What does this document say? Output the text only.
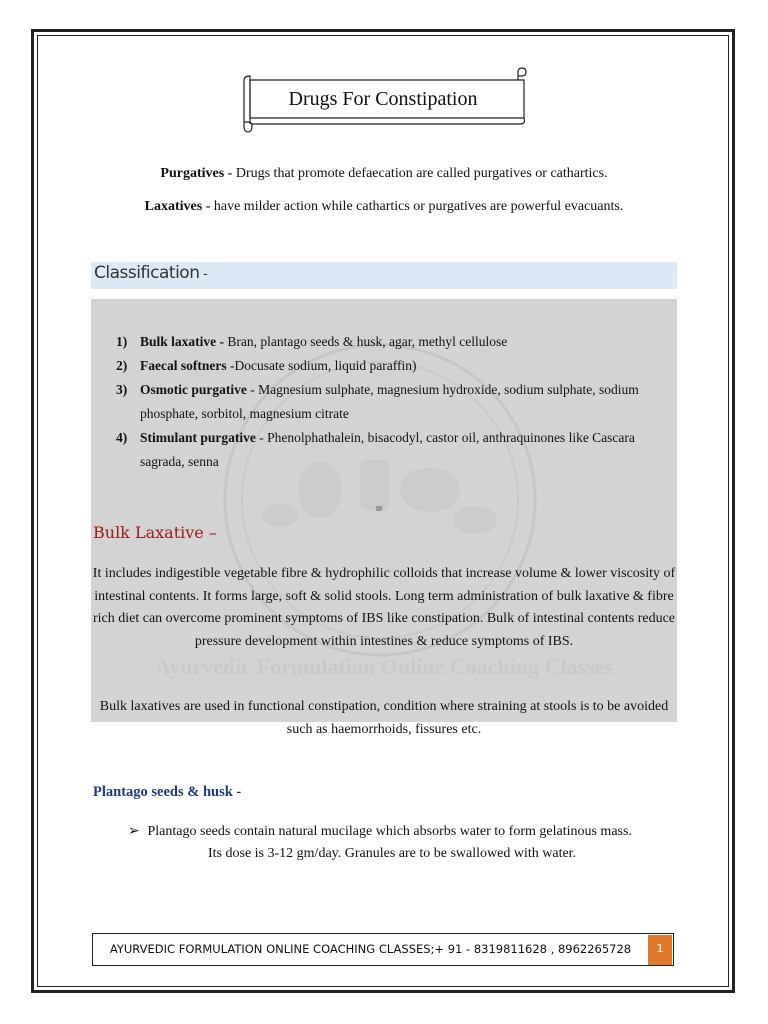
Drugs For Constipation
Purgatives - Drugs that promote defaecation are called purgatives or cathartics.
Laxatives - have milder action while cathartics or purgatives are powerful evacuants.
Classification -
Ayurvedic Formulation Online Coaching Classes
1) Bulk laxative - Bran, plantago seeds & husk, agar, methyl cellulose
2) Faecal softners -Docusate sodium, liquid paraffin)
3) Osmotic purgative - Magnesium sulphate, magnesium hydroxide, sodium sulphate, sodium phosphate, sorbitol, magnesium citrate
4) Stimulant purgative - Phenolphathalein, bisacodyl, castor oil, anthraquinones like Cascara sagrada, senna
Bulk Laxative –
It includes indigestible vegetable fibre & hydrophilic colloids that increase volume & lower viscosity of intestinal contents. It forms large, soft & solid stools. Long term administration of bulk laxative & fibre rich diet can overcome prominent symptoms of IBS like constipation. Bulk of intestinal contents reduce pressure development within intestines & reduce symptoms of IBS.
Bulk laxatives are used in functional constipation, condition where straining at stools is to be avoided such as haemorrhoids, fissures etc.
Plantago seeds & husk -
➢ Plantago seeds contain natural mucilage which absorbs water to form gelatinous mass.
Its dose is 3-12 gm/day. Granules are to be swallowed with water.
AYURVEDIC FORMULATION ONLINE COACHING CLASSES;+ 91 - 8319811628 , 8962265728	1
